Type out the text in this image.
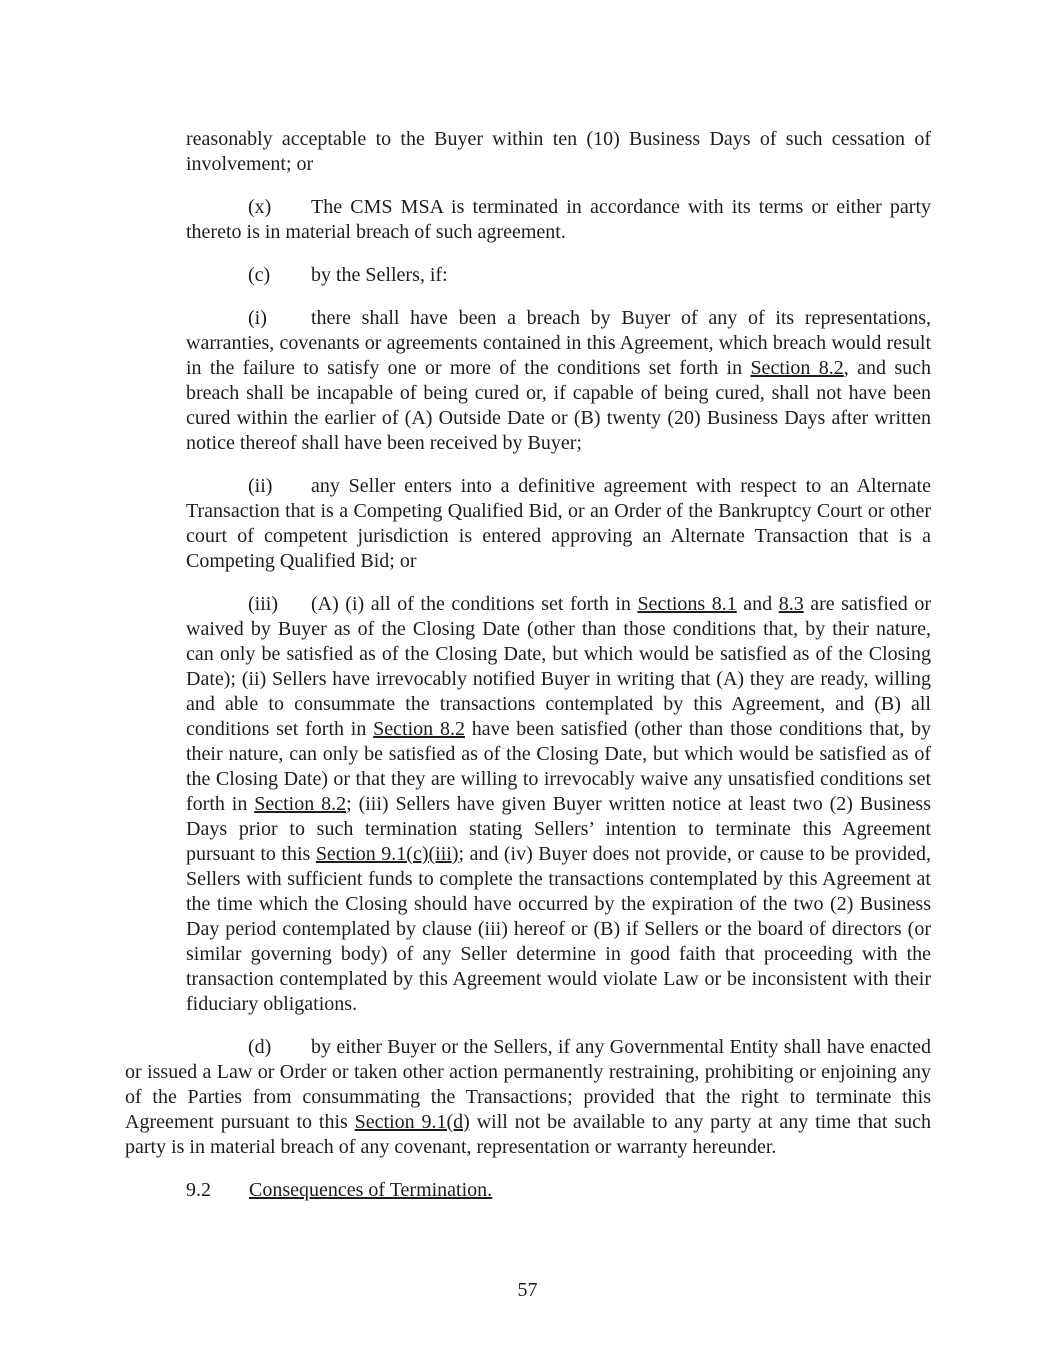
reasonably acceptable to the Buyer within ten (10) Business Days of such cessation of involvement; or

(x) The CMS MSA is terminated in accordance with its terms or either party thereto is in material breach of such agreement.

(c) by the Sellers, if:

(i) there shall have been a breach by Buyer of any of its representations, warranties, covenants or agreements contained in this Agreement, which breach would result in the failure to satisfy one or more of the conditions set forth in Section 8.2, and such breach shall be incapable of being cured or, if capable of being cured, shall not have been cured within the earlier of (A) Outside Date or (B) twenty (20) Business Days after written notice thereof shall have been received by Buyer;

(ii) any Seller enters into a definitive agreement with respect to an Alternate Transaction that is a Competing Qualified Bid, or an Order of the Bankruptcy Court or other court of competent jurisdiction is entered approving an Alternate Transaction that is a Competing Qualified Bid; or

(iii) (A) (i) all of the conditions set forth in Sections 8.1 and 8.3 are satisfied or waived by Buyer as of the Closing Date (other than those conditions that, by their nature, can only be satisfied as of the Closing Date, but which would be satisfied as of the Closing Date); (ii) Sellers have irrevocably notified Buyer in writing that (A) they are ready, willing and able to consummate the transactions contemplated by this Agreement, and (B) all conditions set forth in Section 8.2 have been satisfied (other than those conditions that, by their nature, can only be satisfied as of the Closing Date, but which would be satisfied as of the Closing Date) or that they are willing to irrevocably waive any unsatisfied conditions set forth in Section 8.2; (iii) Sellers have given Buyer written notice at least two (2) Business Days prior to such termination stating Sellers’ intention to terminate this Agreement pursuant to this Section 9.1(c)(iii); and (iv) Buyer does not provide, or cause to be provided, Sellers with sufficient funds to complete the transactions contemplated by this Agreement at the time which the Closing should have occurred by the expiration of the two (2) Business Day period contemplated by clause (iii) hereof or (B) if Sellers or the board of directors (or similar governing body) of any Seller determine in good faith that proceeding with the transaction contemplated by this Agreement would violate Law or be inconsistent with their fiduciary obligations.

(d) by either Buyer or the Sellers, if any Governmental Entity shall have enacted or issued a Law or Order or taken other action permanently restraining, prohibiting or enjoining any of the Parties from consummating the Transactions; provided that the right to terminate this Agreement pursuant to this Section 9.1(d) will not be available to any party at any time that such party is in material breach of any covenant, representation or warranty hereunder.

9.2 Consequences of Termination.

57
